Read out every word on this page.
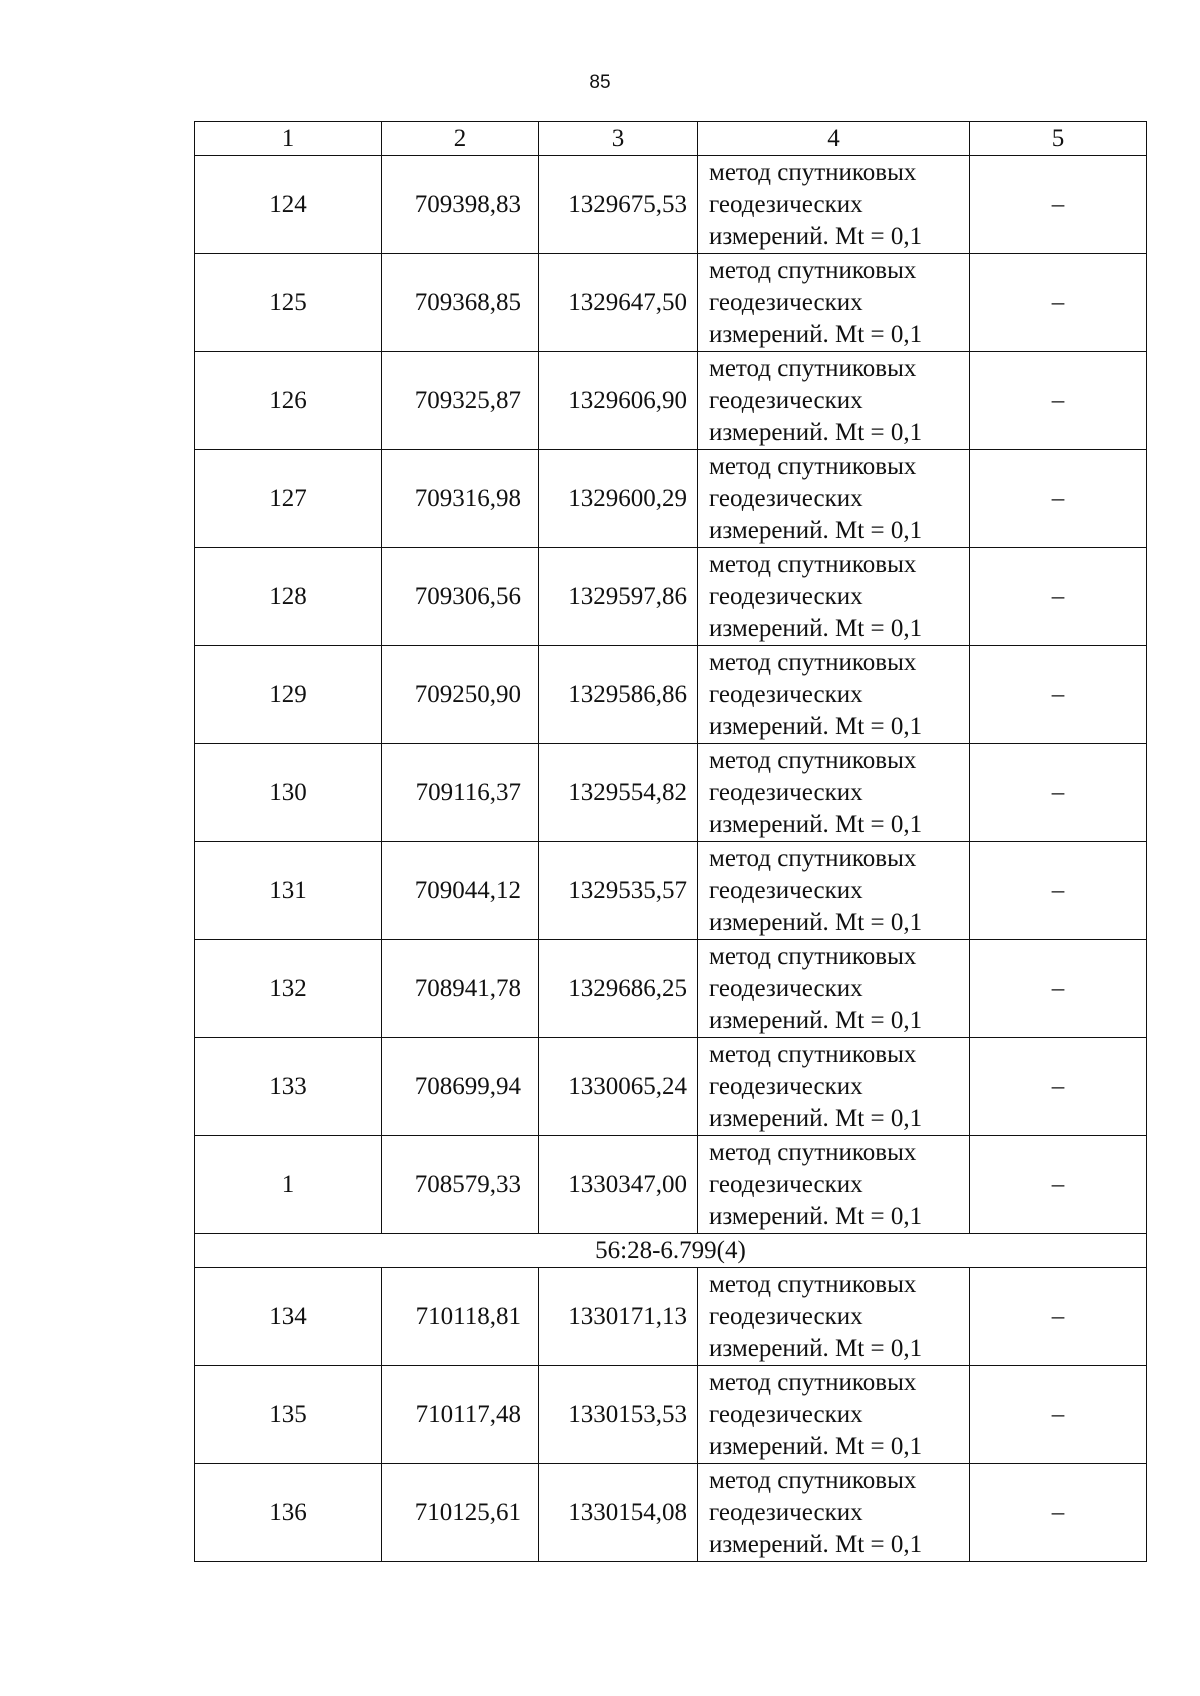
85
1	2	3	4	5
124	709398,83	1329675,53	метод спутниковых
геодезических
измерений. Mt = 0,1	–
125	709368,85	1329647,50	метод спутниковых
геодезических
измерений. Mt = 0,1	–
126	709325,87	1329606,90	метод спутниковых
геодезических
измерений. Mt = 0,1	–
127	709316,98	1329600,29	метод спутниковых
геодезических
измерений. Mt = 0,1	–
128	709306,56	1329597,86	метод спутниковых
геодезических
измерений. Mt = 0,1	–
129	709250,90	1329586,86	метод спутниковых
геодезических
измерений. Mt = 0,1	–
130	709116,37	1329554,82	метод спутниковых
геодезических
измерений. Mt = 0,1	–
131	709044,12	1329535,57	метод спутниковых
геодезических
измерений. Mt = 0,1	–
132	708941,78	1329686,25	метод спутниковых
геодезических
измерений. Mt = 0,1	–
133	708699,94	1330065,24	метод спутниковых
геодезических
измерений. Mt = 0,1	–
1	708579,33	1330347,00	метод спутниковых
геодезических
измерений. Mt = 0,1	–
56:28-6.799(4)				
134	710118,81	1330171,13	метод спутниковых
геодезических
измерений. Mt = 0,1	–
135	710117,48	1330153,53	метод спутниковых
геодезических
измерений. Mt = 0,1	–
136	710125,61	1330154,08	метод спутниковых
геодезических
измерений. Mt = 0,1	–
